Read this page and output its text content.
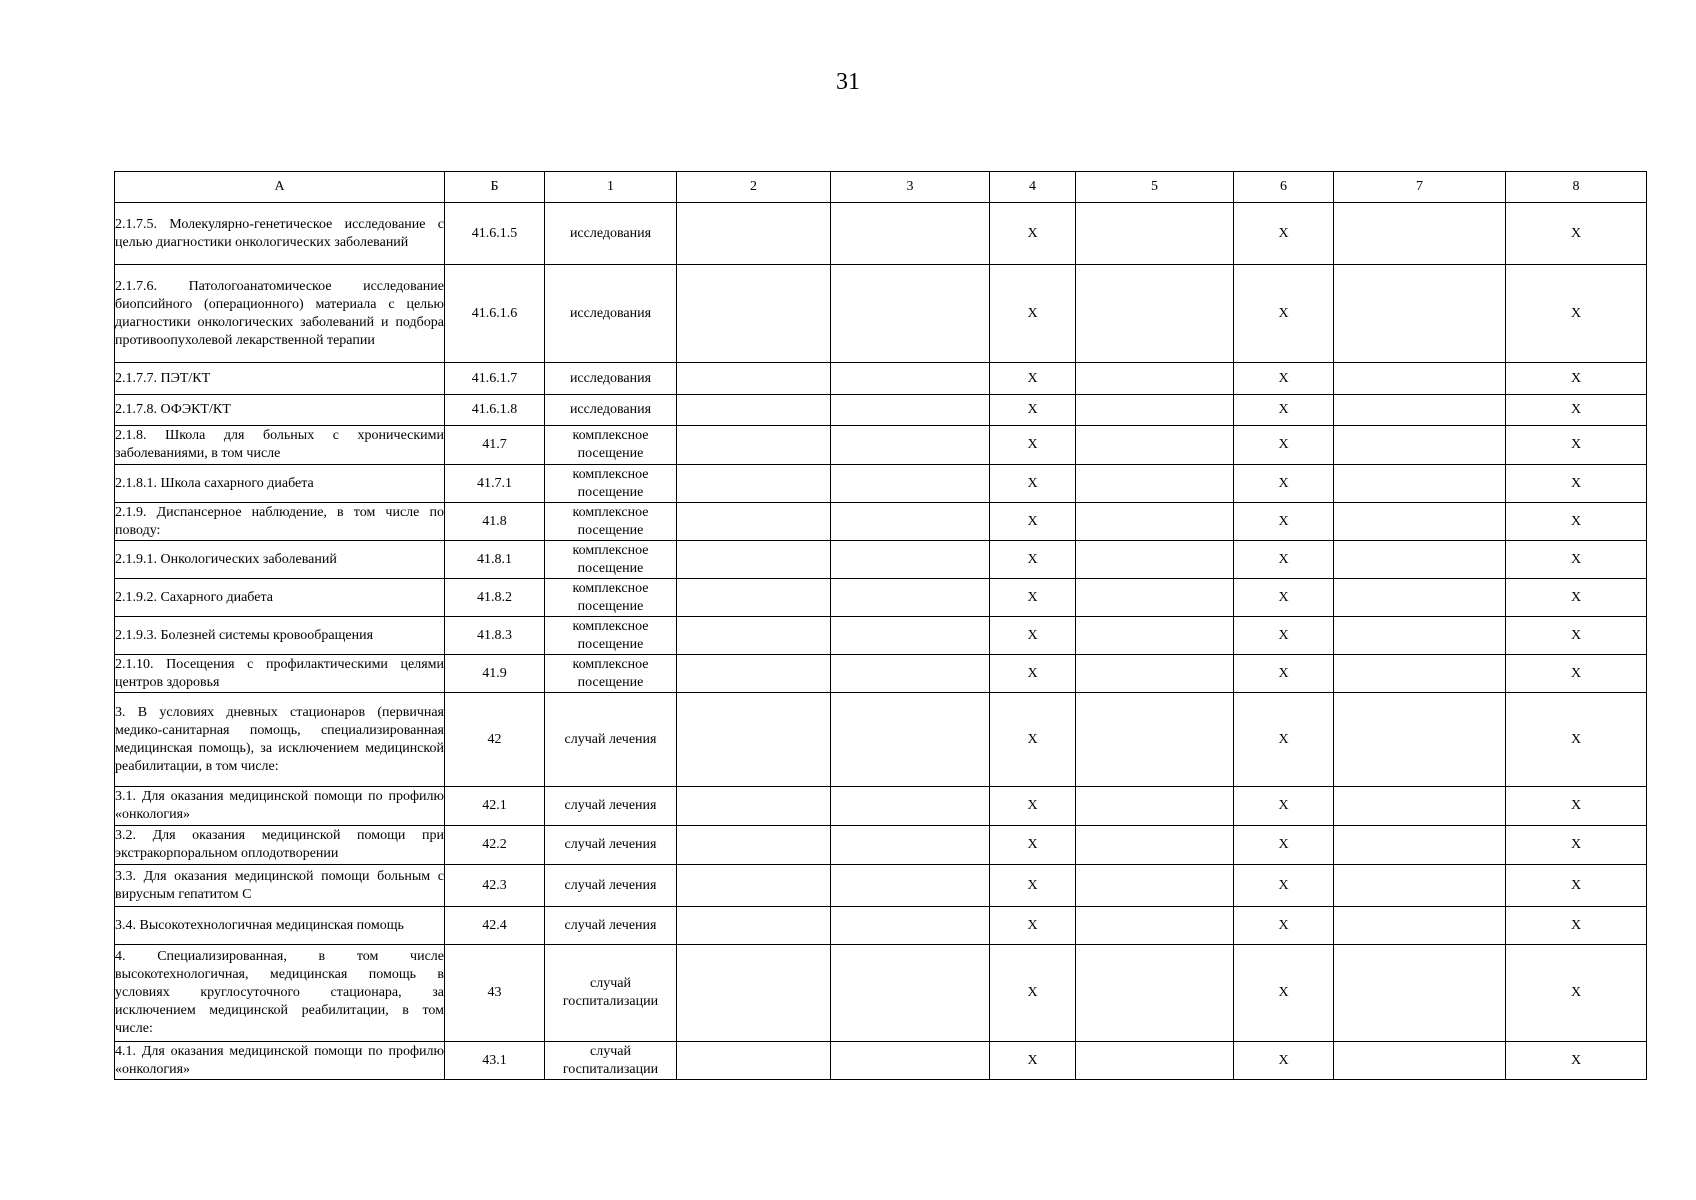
31
А	Б	1	2	3	4	5	6	7	8
2.1.7.5. Молекулярно-генетическое исследование с целью диагностики онкологических заболеваний	41.6.1.5	исследования			Х		Х		Х
2.1.7.6. Патологоанатомическое исследование биопсийного (операционного) материала с целью диагностики онкологических заболеваний и подбора противоопухолевой лекарственной терапии	41.6.1.6	исследования			Х		Х		Х
2.1.7.7. ПЭТ/КТ	41.6.1.7	исследования			Х		Х		Х
2.1.7.8. ОФЭКТ/КТ	41.6.1.8	исследования			Х		Х		Х
2.1.8. Школа для больных с хроническими заболеваниями, в том числе	41.7	комплексное посещение			Х		Х		Х
2.1.8.1. Школа сахарного диабета	41.7.1	комплексное посещение			Х		Х		Х
2.1.9. Диспансерное наблюдение, в том числе по поводу:	41.8	комплексное посещение			Х		Х		Х
2.1.9.1. Онкологических заболеваний	41.8.1	комплексное посещение			Х		Х		Х
2.1.9.2. Сахарного диабета	41.8.2	комплексное посещение			Х		Х		Х
2.1.9.3. Болезней системы кровообращения	41.8.3	комплексное посещение			Х		Х		Х
2.1.10. Посещения с профилактическими целями центров здоровья	41.9	комплексное посещение			Х		Х		Х
3. В условиях дневных стационаров (первичная медико-санитарная помощь, специализированная медицинская помощь), за исключением медицинской реабилитации, в том числе:	42	случай лечения			Х		Х		Х
3.1. Для оказания медицинской помощи по профилю «онкология»	42.1	случай лечения			Х		Х		Х
3.2. Для оказания медицинской помощи при экстракорпоральном оплодотворении	42.2	случай лечения			Х		Х		Х
3.3. Для оказания медицинской помощи больным с вирусным гепатитом С	42.3	случай лечения			Х		Х		Х
3.4. Высокотехнологичная медицинская помощь	42.4	случай лечения			Х		Х		Х
4. Специализированная, в том числе высокотехнологичная, медицинская помощь в условиях круглосуточного стационара, за исключением медицинской реабилитации, в том числе:	43	случай госпитализации			Х		Х		Х
4.1. Для оказания медицинской помощи по профилю «онкология»	43.1	случай госпитализации			Х		Х		Х
